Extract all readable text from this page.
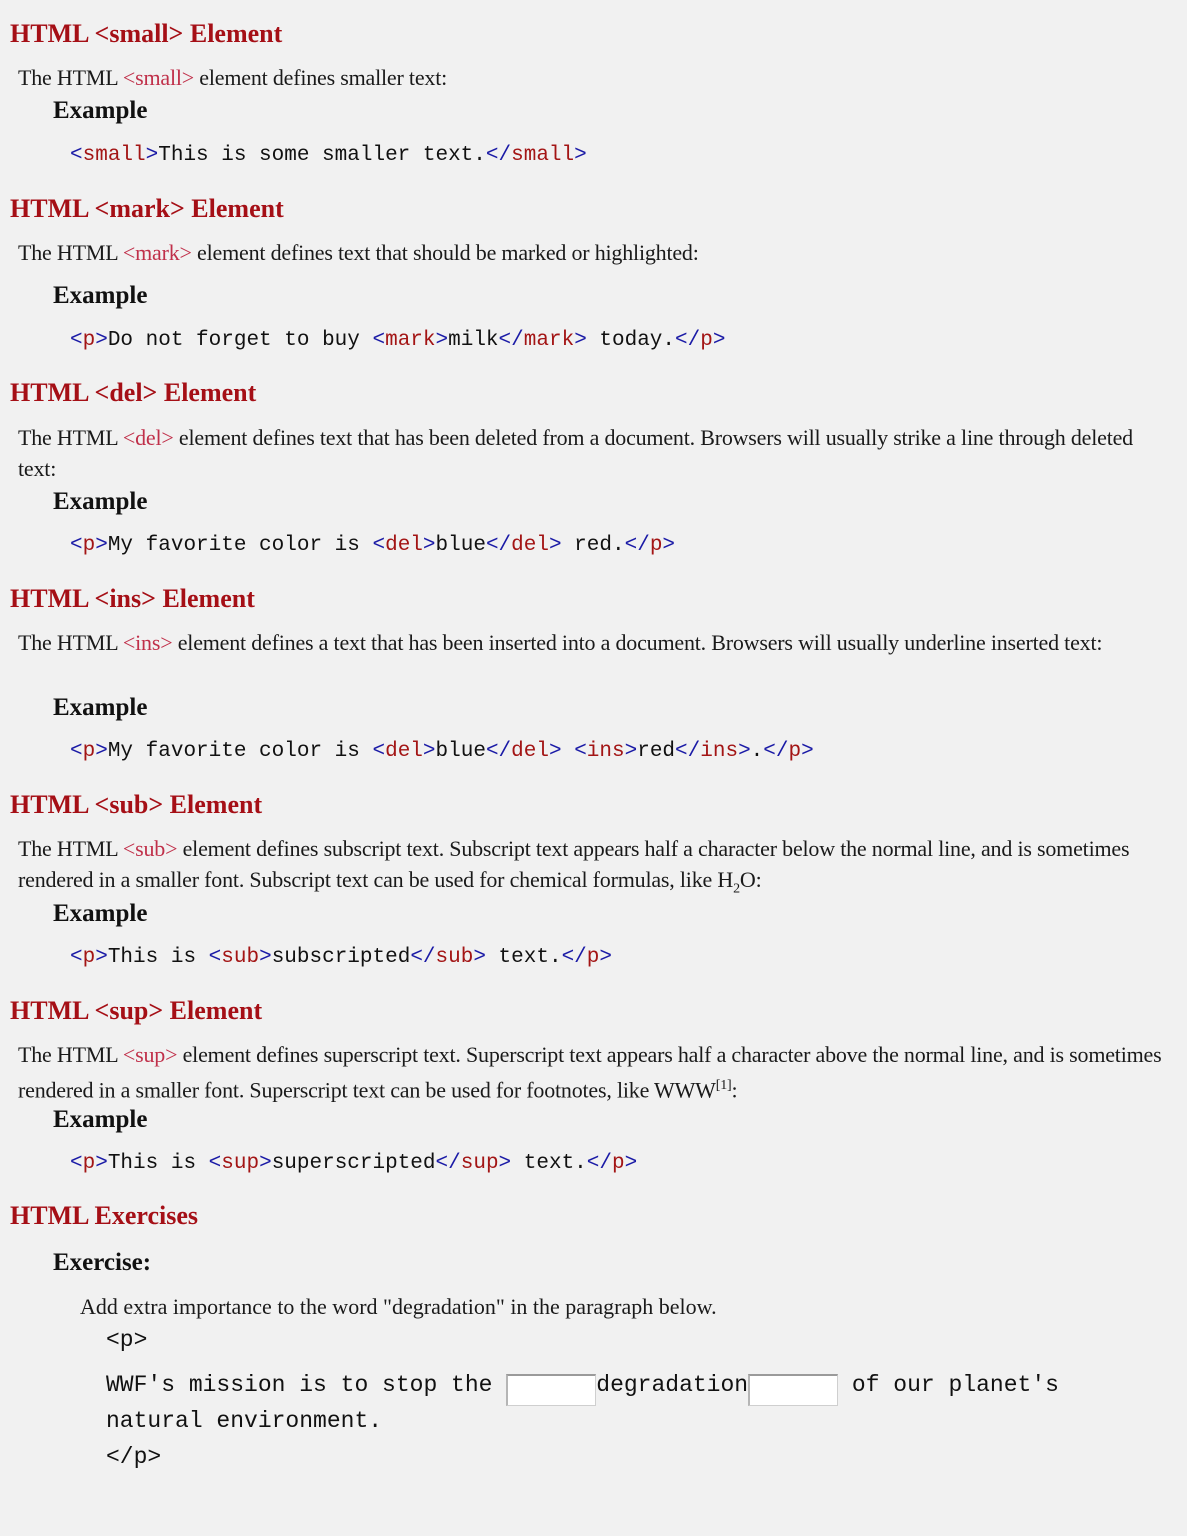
HTML <small> Element

The HTML <small> element defines smaller text:

Example
<small>This is some smaller text.</small>
HTML <mark> Element

The HTML <mark> element defines text that should be marked or highlighted:

Example
<p>Do not forget to buy <mark>milk</mark> today.</p>
HTML <del> Element

The HTML <del> element defines text that has been deleted from a document. Browsers will usually strike a line through deleted text:

Example
<p>My favorite color is <del>blue</del> red.</p>
HTML <ins> Element

The HTML <ins> element defines a text that has been inserted into a document. Browsers will usually underline inserted text:

Example
<p>My favorite color is <del>blue</del> <ins>red</ins>.</p>
HTML <sub> Element

The HTML <sub> element defines subscript text. Subscript text appears half a character below the normal line, and is sometimes rendered in a smaller font. Subscript text can be used for chemical formulas, like $H_2O$:

Example
<p>This is <sub>subscripted</sub> text.</p>
HTML <sup> Element

The HTML <sup> element defines superscript text. Superscript text appears half a character above the normal line, and is sometimes rendered in a smaller font. Superscript text can be used for footnotes, like WWW[1]:

Example
<p>This is <sup>superscripted</sup> text.</p>
HTML Exercises
Exercise:

Add extra importance to the word "degradation" in the paragraph below.

<p>
WWF's mission is to stop the	degradation	of our planet's
natural environment.
</p>
